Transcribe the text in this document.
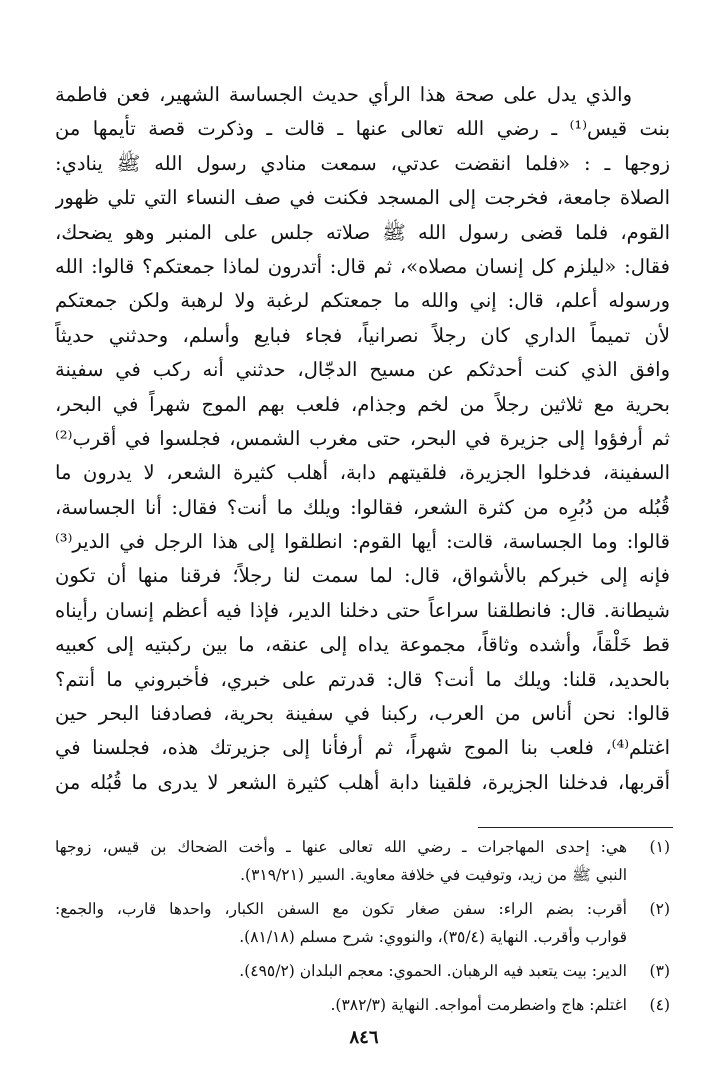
والذي يدل على صحة هذا الرأي حديث الجساسة الشهير، فعن فاطمة
بنت قيس⁽¹⁾ ـ رضي الله تعالى عنها ـ قالت ـ وذكرت قصة تأيمها من
زوجها ـ : «فلما انقضت عدتي، سمعت منادي رسول الله ﷺ ينادي:
الصلاة جامعة، فخرجت إلى المسجد فكنت في صف النساء التي تلي ظهور
القوم، فلما قضى رسول الله ﷺ صلاته جلس على المنبر وهو يضحك،
فقال: «ليلزم كل إنسان مصلاه»، ثم قال: أتدرون لماذا جمعتكم؟ قالوا: الله
ورسوله أعلم، قال: إني والله ما جمعتكم لرغبة ولا لرهبة ولكن جمعتكم
لأن تميماً الداري كان رجلاً نصرانياً، فجاء فبايع وأسلم، وحدثني حديثاً
وافق الذي كنت أحدثكم عن مسيح الدجّال، حدثني أنه ركب في سفينة
بحرية مع ثلاثين رجلاً من لخم وجذام، فلعب بهم الموج شهراً في البحر،
ثم أرفؤوا إلى جزيرة في البحر، حتى مغرب الشمس، فجلسوا في أقرب⁽²⁾
السفينة، فدخلوا الجزيرة، فلقيتهم دابة، أهلب كثيرة الشعر، لا يدرون ما
قُبُله من دُبُرِه من كثرة الشعر، فقالوا: ويلك ما أنت؟ فقال: أنا الجساسة،
قالوا: وما الجساسة، قالت: أيها القوم: انطلقوا إلى هذا الرجل في الدير⁽³⁾
فإنه إلى خبركم بالأشواق، قال: لما سمت لنا رجلاً؛ فرقنا منها أن تكون
شيطانة. قال: فانطلقنا سراعاً حتى دخلنا الدير، فإذا فيه أعظم إنسان رأيناه
قط خَلْقاً، وأشده وثاقاً، مجموعة يداه إلى عنقه، ما بين ركبتيه إلى كعبيه
بالحديد، قلنا: ويلك ما أنت؟ قال: قدرتم على خبري، فأخبروني ما أنتم؟
قالوا: نحن أناس من العرب، ركبنا في سفينة بحرية، فصادفنا البحر حين
اغتلم⁽⁴⁾، فلعب بنا الموج شهراً، ثم أرفأنا إلى جزيرتك هذه، فجلسنا في
أقربها، فدخلنا الجزيرة، فلقينا دابة أهلب كثيرة الشعر لا يدرى ما قُبُله من
(١)
هي: إحدى المهاجرات ـ رضي الله تعالى عنها ـ وأخت الضحاك بن قيس، زوجها
النبي ﷺ من زيد، وتوفيت في خلافة معاوية. السير (٣١٩/٢١).
(٢)
أقرب: بضم الراء: سفن صغار تكون مع السفن الكبار، واحدها قارب، والجمع:
قوارب وأقرب. النهاية (٣٥/٤)، والنووي: شرح مسلم (٨١/١٨).
(٣)
الدير: بيت يتعبد فيه الرهبان. الحموي: معجم البلدان (٤٩٥/٢).
(٤)
اغتلم: هاج واضطرمت أمواجه. النهاية (٣٨٢/٣).
٨٤٦
